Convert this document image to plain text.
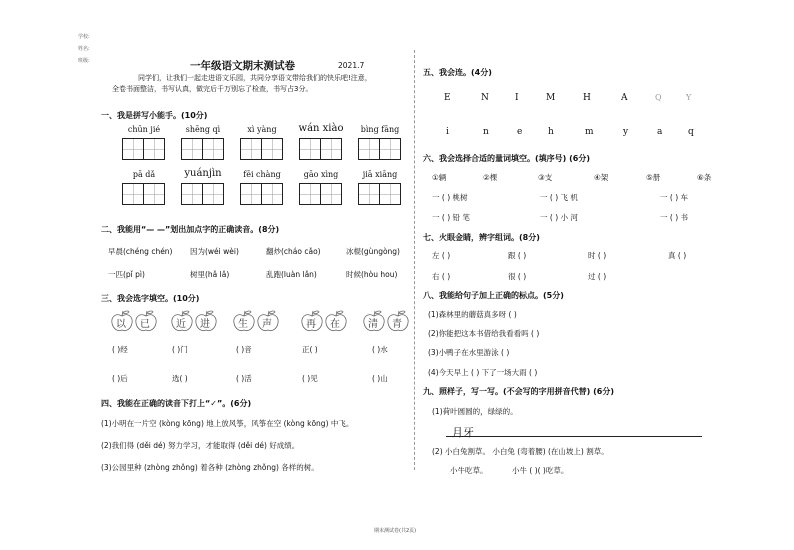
学校:
姓名:
班级:	一年级语文期末测试卷	2021.7
同学们，让我们一起走进语文乐园，共同分享语文带给我们的快乐吧!注意，
全卷书面整洁，书写认真，做完后千万别忘了检查，书写占3分。
一、我是拼写小能手。(10分)
chūn jié	shēng qì	xì yàng	wán xiào	bìng fāng
pā dǎ	yuánjìn	fēi chàng	gāo xìng	jiā xiāng
二、我能用“— —”划出加点字的正确读音。(8分)
早晨(chéng chén) 因为(wéi wèi)	翻炒(cháo cǎo)	冰棍(gùngòng)
一匹(pǐ pì)	树里(hǎ lǎ)	乱跑(luàn lǎn)	时候(hòu hou)
三、我会选字填空。(10分)
以 已	近 进	生 声	再 在	清 青
( )经	( )门	( )音	正( )	( )水
( )后	选( )	( )活	( )见	( )山
四、我能在正确的读音下打上“✓”。(6分)
(1)小明在一片空 (kòng kōng) 地上放风筝，风筝在空 (kòng kōng) 中飞。
(2)我们得 (děi dé) 努力学习，才能取得 (děi dé) 好成绩。
(3)公园里种 (zhòng zhǒng) 着各种 (zhòng zhǒng) 各样的树。
五、我会连。(4分)
E	N	I	M	H	A	Q	Y
i	n	e	h	m	y	a	q
六、我会选择合适的量词填空。(填序号) (6分)
①辆	②棵	③支	④架	⑤册	⑥条
一 ( ) 桃树	一 ( ) 飞 机	一 ( ) 车
一 ( ) 铅 笔	一 ( ) 小 河	一 ( ) 书
七、火眼金睛，辨字组词。(8分)
左 ( )	跟 ( )	时 ( )	真 ( )
右 ( )	很 ( )	过 ( )
八、我能给句子加上正确的标点。(5分)
(1)森林里的蘑菇真多呀 ( )
(2)你能把这本书借给我看看吗 ( )
(3)小鸭子在水里游泳 ( )
(4)今天早上 ( ) 下了一场大雨 ( )
九、照样子，写一写。(不会写的字用拼音代替) (6分)
(1)荷叶圆圆的，绿绿的。
月牙
(2) 小白兔割草。 小白兔 (弯着腰) (在山坡上) 割草。
小牛吃草。	小牛 ( )( )吃草。
期末测试卷(共2页)
